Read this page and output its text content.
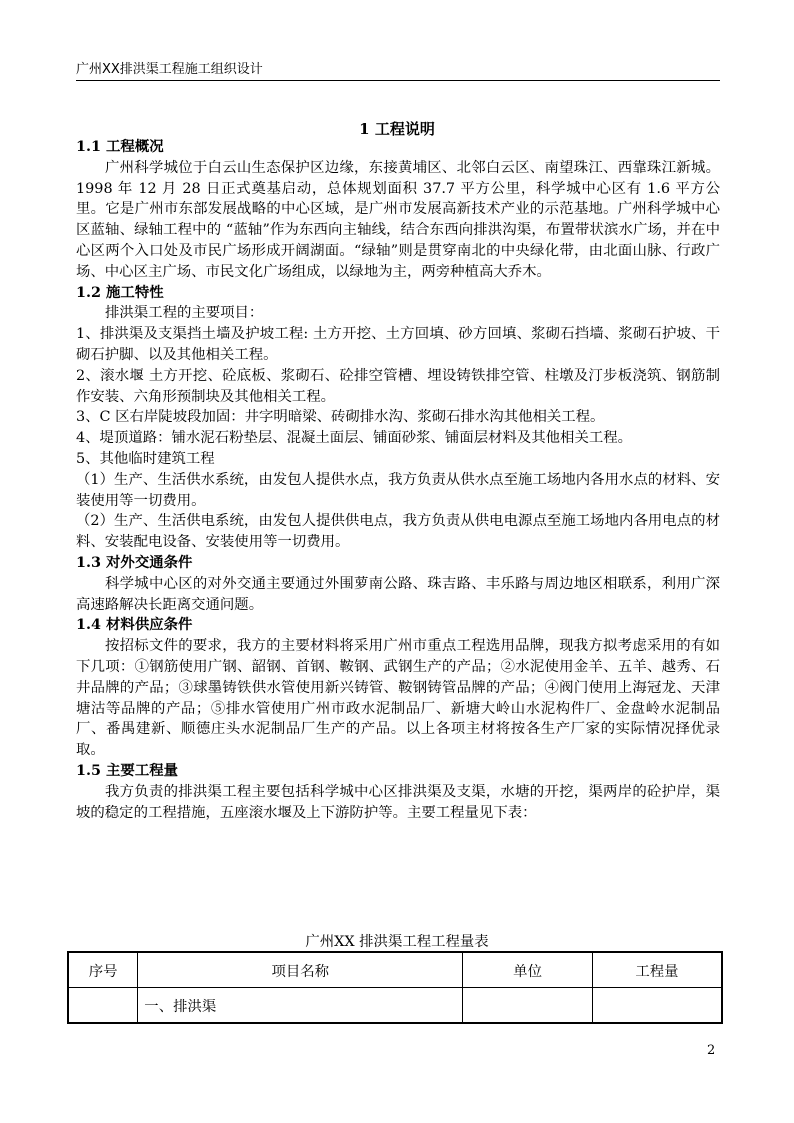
广州XX排洪渠工程施工组织设计
1 工程说明

1.1 工程概况

广州科学城位于白云山生态保护区边缘，东接黄埔区、北邻白云区、南望珠江、西靠珠江新城。1998 年 12 月 28 日正式奠基启动，总体规划面积 37.7 平方公里，科学城中心区有 1.6 平方公里。它是广州市东部发展战略的中心区域，是广州市发展高新技术产业的示范基地。广州科学城中心区蓝轴、绿轴工程中的 “蓝轴”作为东西向主轴线，结合东西向排洪沟渠，布置带状滨水广场，并在中心区两个入口处及市民广场形成开阔湖面。“绿轴”则是贯穿南北的中央绿化带，由北面山脉、行政广场、中心区主广场、市民文化广场组成，以绿地为主，两旁种植高大乔木。

1.2 施工特性

排洪渠工程的主要项目：

1、排洪渠及支渠挡土墙及护坡工程: 土方开挖、土方回填、砂方回填、浆砌石挡墙、浆砌石护坡、干砌石护脚、以及其他相关工程。

2、滚水堰 土方开挖、砼底板、浆砌石、砼排空管槽、埋设铸铁排空管、柱墩及汀步板浇筑、钢筋制作安装、六角形预制块及其他相关工程。

3、C 区右岸陡坡段加固：井字明暗梁、砖砌排水沟、浆砌石排水沟其他相关工程。

4、堤顶道路：铺水泥石粉垫层、混凝土面层、铺面砂浆、铺面层材料及其他相关工程。

5、其他临时建筑工程

（1）生产、生活供水系统，由发包人提供水点，我方负责从供水点至施工场地内各用水点的材料、安装使用等一切费用。

（2）生产、生活供电系统，由发包人提供供电点，我方负责从供电电源点至施工场地内各用电点的材料、安装配电设备、安装使用等一切费用。

1.3 对外交通条件

科学城中心区的对外交通主要通过外围萝南公路、珠吉路、丰乐路与周边地区相联系，利用广深高速路解决长距离交通问题。

1.4 材料供应条件

按招标文件的要求，我方的主要材料将采用广州市重点工程选用品牌，现我方拟考虑采用的有如下几项：①钢筋使用广钢、韶钢、首钢、鞍钢、武钢生产的产品；②水泥使用金羊、五羊、越秀、石井品牌的产品；③球墨铸铁供水管使用新兴铸管、鞍钢铸管品牌的产品；④阀门使用上海冠龙、天津塘沽等品牌的产品；⑤排水管使用广州市政水泥制品厂、新塘大岭山水泥构件厂、金盘岭水泥制品厂、番禺建新、顺德庄头水泥制品厂生产的产品。以上各项主材将按各生产厂家的实际情况择优录取。

1.5 主要工程量

我方负责的排洪渠工程主要包括科学城中心区排洪渠及支渠，水塘的开挖，渠两岸的砼护岸，渠坡的稳定的工程措施，五座滚水堰及上下游防护等。主要工程量见下表：

广州XX 排洪渠工程工程量表
序号	项目名称	单位	工程量
	一、排洪渠		
2
